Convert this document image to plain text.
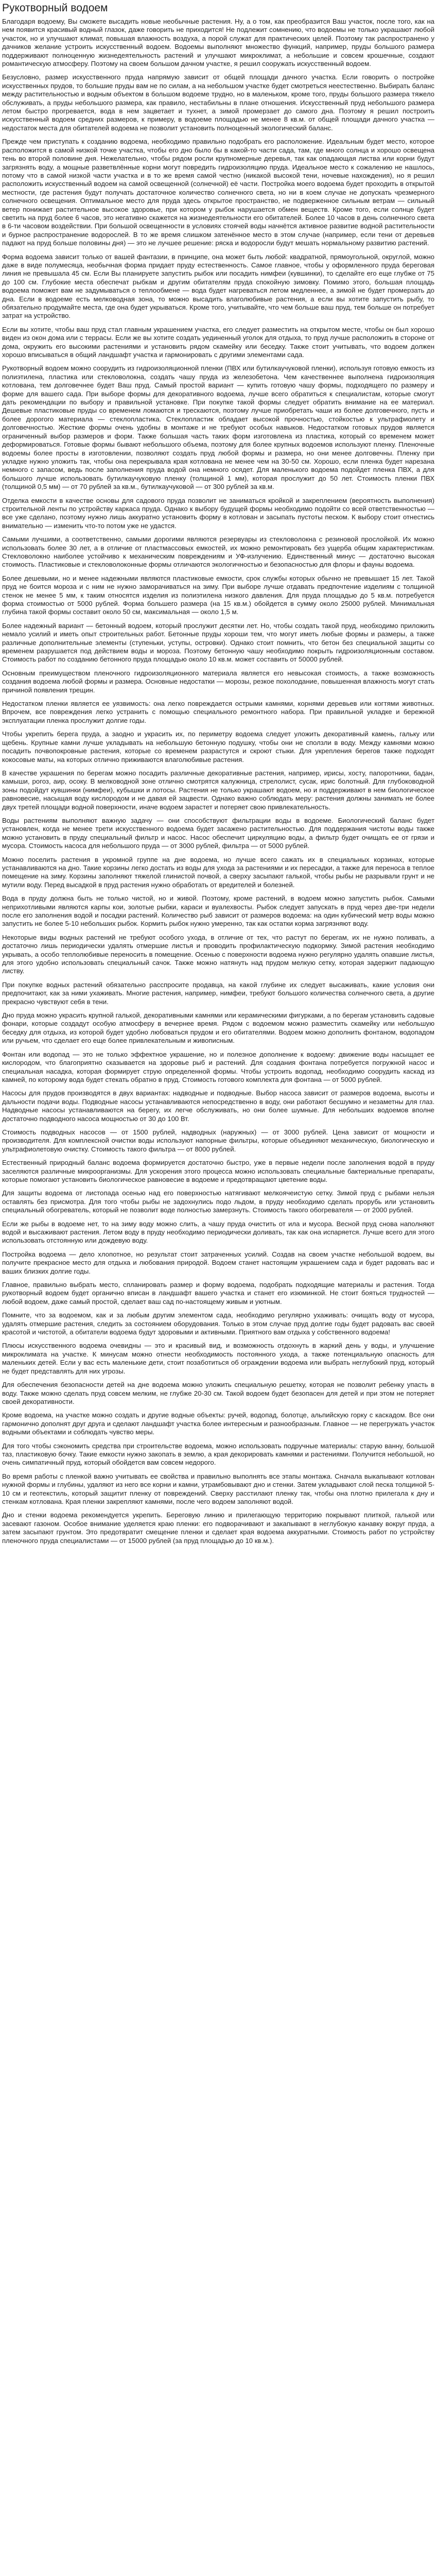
Рукотворный водоем

Благодаря водоему, Вы сможете высадить новые необычные растения. Ну, а о том, как преобразится Ваш участок, после того, как на нем появится красивый водный глазок, даже говорить не приходится! Не подлежит сомнению, что водоемы не только украшают любой участок, но и улучшают климат, повышая влажность воздуха, а порой служат для практических целей. Поэтому так распространено у дачников желание устроить искусственный водоем. Водоемы выполняют множество функций, например, пруды большого размера поддерживают полноценную жизнедеятельность растений и улучшают микроклимат, а небольшие и совсем крошечные, создают романтическую атмосферу. Поэтому на своем большом дачном участке, я решил сооружать искусственный водоем.

Безусловно, размер искусственного пруда напрямую зависит от общей площади дачного участка. Если говорить о постройке искусственных прудов, то большие пруды вам не по силам, а на небольшом участке будет смотреться неестественно. Выбирать баланс между растительностью и водным объектом в большом водоеме трудно, но в маленьком, кроме того, пруды большого размера тяжело обслуживать, а пруды небольшого размера, как правило, нестабильны в плане отношения. Искусственный пруд небольшого размера летом быстро прогревается, вода в нем зацветает и тухнет, а зимой промерзает до самого дна. Поэтому я решил построить искусственный водоем средних размеров, к примеру, в водоеме площадью не менее 8 кв.м. от общей площади дачного участка — недостаток места для обитателей водоема не позволит установить полноценный экологический баланс.

Прежде чем приступать к созданию водоема, необходимо правильно подобрать его расположение. Идеальным будет место, которое расположится в самой низкой точке участка, чтобы его дно было бы в какой-то части сада, там, где много солнца и хорошо освещена тень во второй половине дня. Нежелательно, чтобы рядом росли крупномерные деревья, так как опадающая листва или корни будут загрязнять воду, а мощные разветвлённые корни могут повредить гидроизоляцию пруда. Идеальное место к сожалению не нашлось, потому что в самой низкой части участка и в то же время самой честно (никакой высокой тени, ночевые нахождения), но я решил расположить искусственный водоем на самой освещенной (солнечной) её части. Постройка моего водоема будет проходить в открытой местности, где растения будут получать достаточное количество солнечного света, но ни в коем случае не допускать чрезмерного солнечного освещения. Оптимальное место для пруда здесь открытое пространство, не подверженное сильным ветрам — сильный ветер понижает растительное высокое здоровье, при котором у рыбок нарушается обмен веществ. Кроме того, если солнце будет светить на пруд более 6 часов, это негативно скажется на жизнедеятельности его обитателей. Более 10 часов в день солнечного света в 6-ти часовом воздействии. При большой освещенности в условиях стоячей воды начнётся активное развитие водной растительности и бурное распространение водорослей. В то же время слишком затенённое место в этом случае (например, если тени от деревьев падают на пруд больше половины дня) — это не лучшее решение: ряска и водоросли будут мешать нормальному развитию растений.

Форма водоема зависит только от вашей фантазии, в принципе, она может быть любой: квадратной, прямоугольной, округлой, можно даже в виде полумесяца, необычная форма придает пруду естественность. Самое главное, чтобы у оформленного пруда береговая линия не превышала 45 см. Если Вы планируете запустить рыбок или посадить нимфеи (кувшинки), то сделайте его еще глубже от 75 до 100 см. Глубокие места обеспечат рыбкам и другим обитателям пруда спокойную зимовку. Помимо этого, большая площадь водоема поможет вам не задумываться о теплообмене — вода будет нагреваться летом медленнее, а зимой не будет промерзать до дна. Если в водоеме есть мелководная зона, то можно высадить влаголюбивые растения, а если вы хотите запустить рыбу, то обязательно продумайте места, где она будет укрываться. Кроме того, учитывайте, что чем больше ваш пруд, тем больше он потребует затрат на устройство.

Если вы хотите, чтобы ваш пруд стал главным украшением участка, его следует разместить на открытом месте, чтобы он был хорошо виден из окон дома или с террасы. Если же вы хотите создать уединенный уголок для отдыха, то пруд лучше расположить в стороне от дома, окружить его высокими растениями и установить рядом скамейку или беседку. Также стоит учитывать, что водоем должен хорошо вписываться в общий ландшафт участка и гармонировать с другими элементами сада.

Рукотворный водоем можно соорудить из гидроизоляционной пленки (ПВХ или бутилкаучуковой пленки), используя готовую емкость из полиэтилена, пластика или стекловолокна, создать чашу пруда из железобетона. Чем качественнее выполнена гидроизоляция котлована, тем долговечнее будет Ваш пруд. Самый простой вариант — купить готовую чашу формы, подходящего по размеру и форме для вашего сада. При выборе формы для декоративного водоема, лучше всего обратиться к специалистам, которые смогут дать рекомендации по выбору и правильной установке. При покупке такой формы следует обратить внимание на ее материал. Дешевые пластиковые пруды со временем ломаются и трескаются, поэтому лучше приобретать чаши из более долговечного, пусть и более дорогого материала — стеклопластика. Стеклопластик обладает высокой прочностью, стойкостью к ультрафиолету и долговечностью. Жесткие формы очень удобны в монтаже и не требуют особых навыков. Недостатком готовых прудов является ограниченный выбор размеров и форм. Также большая часть таких форм изготовлена из пластика, который со временем может деформироваться. Готовые формы бывают небольшого объема, поэтому для более крупных водоемов используют пленку. Пленочные водоемы более просты в изготовлении, позволяют создать пруд любой формы и размера, но они менее долговечны. Пленку при укладке нужно уложить так, чтобы она перекрывала края котлована не менее чем на 30-50 см. Хорошо, если пленка будет нарезана немного с запасом, ведь после заполнения пруда водой она немного осядет. Для маленького водоема подойдет пленка ПВХ, а для большого лучше использовать бутилкаучуковую пленку (толщиной 1 мм), которая прослужит до 50 лет. Стоимость пленки ПВХ (толщиной 0,5 мм) — от 70 рублей за кв.м., бутилкаучуковой — от 300 рублей за кв.м.

Отделка емкости в качестве основы для садового пруда позволит не заниматься кройкой и закреплением (вероятность выполнения) строительной ленты по устройству каркаса пруда. Однако к выбору будущей формы необходимо подойти со всей ответственностью — все уже сделано, поэтому нужно лишь аккуратно установить форму в котлован и засыпать пустоты песком. К выбору стоит отнестись внимательно — изменить что-то потом уже не удастся.

Самыми лучшими, а соответственно, самыми дорогими являются резервуары из стекловолокна с резиновой прослойкой. Их можно использовать более 30 лет, а в отличие от пластмассовых емкостей, их можно ремонтировать без ущерба общим характеристикам. Стекловолокно наиболее устойчиво к механическим повреждениям и УФ-излучению. Единственный минус — достаточно высокая стоимость. Пластиковые и стекловолоконные формы отличаются экологичностью и безопасностью для флоры и фауны водоема.

Более дешевыми, но и менее надежными являются пластиковые емкости, срок службы которых обычно не превышает 15 лет. Такой пруд не боится мороза и с ним не нужно заморачиваться на зиму. При выборе лучше отдавать предпочтение изделиям с толщиной стенок не менее 5 мм, к таким относятся изделия из полиэтилена низкого давления. Для пруда площадью до 5 кв.м. потребуется форма стоимостью от 5000 рублей. Форма большего размера (на 15 кв.м.) обойдется в сумму около 25000 рублей. Минимальная глубина такой формы составит около 50 см, максимальная — около 1,5 м.

Более надежный вариант — бетонный водоем, который прослужит десятки лет. Но, чтобы создать такой пруд, необходимо приложить немало усилий и иметь опыт строительных работ. Бетонные пруды хороши тем, что могут иметь любые формы и размеры, а также различные дополнительные элементы (ступеньки, уступы, островки). Однако стоит помнить, что бетон без специальной защиты со временем разрушается под действием воды и мороза. Поэтому бетонную чашу необходимо покрыть гидроизоляционным составом. Стоимость работ по созданию бетонного пруда площадью около 10 кв.м. может составить от 50000 рублей.

Основным преимуществом пленочного гидроизоляционного материала является его невысокая стоимость, а также возможность создания водоема любой формы и размера. Основные недостатки — морозы, резкое похолодание, повышенная влажность могут стать причиной появления трещин.

Недостатком пленки является ее уязвимость: она легко повреждается острыми камнями, корнями деревьев или когтями животных. Впрочем, все повреждения легко устранить с помощью специального ремонтного набора. При правильной укладке и бережной эксплуатации пленка прослужит долгие годы.

Чтобы укрепить берега пруда, а заодно и украсить их, по периметру водоема следует уложить декоративный камень, гальку или щебень. Крупные камни лучше укладывать на небольшую бетонную подушку, чтобы они не сползли в воду. Между камнями можно посадить почвопокровные растения, которые со временем разрастутся и скроют стыки. Для укрепления берегов также подходят кокосовые маты, на которых отлично приживаются влаголюбивые растения.

В качестве украшения по берегам можно посадить различные декоративные растения, например, ирисы, хосту, папоротники, бадан, камыши, рогоз, аир, осоку. В мелководной зоне отлично смотрятся калужница, стрелолист, сусак, ирис болотный. Для глубоководной зоны подойдут кувшинки (нимфеи), кубышки и лотосы. Растения не только украшают водоем, но и поддерживают в нем биологическое равновесие, насыщая воду кислородом и не давая ей зацвести. Однако важно соблюдать меру: растения должны занимать не более двух третей площади водной поверхности, иначе водоем зарастет и потеряет свою привлекательность.

Воды растениям выполняют важную задачу — они способствуют фильтрации воды в водоеме. Биологический баланс будет установлен, когда не менее трети искусственного водоема будет засажено растительностью. Для поддержания чистоты воды также можно установить в пруду специальный фильтр и насос. Насос обеспечит циркуляцию воды, а фильтр будет очищать ее от грязи и мусора. Стоимость насоса для небольшого пруда — от 3000 рублей, фильтра — от 5000 рублей.

Можно поселить растения в укромной группе на дне водоема, но лучше всего сажать их в специальных корзинах, которые устанавливаются на дно. Такие корзины легко достать из воды для ухода за растениями и их пересадки, а также для переноса в теплое помещение на зиму. Корзины заполняют тяжелой глинистой почвой, а сверху засыпают галькой, чтобы рыбы не разрывали грунт и не мутили воду. Перед высадкой в пруд растения нужно обработать от вредителей и болезней.

Вода в пруду должна быть не только чистой, но и живой. Поэтому, кроме растений, в водоем можно запустить рыбок. Самыми неприхотливыми являются карпы кои, золотые рыбки, караси и вуалехвосты. Рыбок следует запускать в пруд через две-три недели после его заполнения водой и посадки растений. Количество рыб зависит от размеров водоема: на один кубический метр воды можно запустить не более 5-10 небольших рыбок. Кормить рыбок нужно умеренно, так как остатки корма загрязняют воду.

Некоторые виды водных растений не требуют особого ухода, в отличие от тех, что растут по берегам, их не нужно поливать, а достаточно лишь периодически удалять отмершие листья и проводить профилактическую подкормку. Зимой растения необходимо укрывать, а особо теплолюбивые переносить в помещение. Осенью с поверхности водоема нужно регулярно удалять опавшие листья, для этого удобно использовать специальный сачок. Также можно натянуть над прудом мелкую сетку, которая задержит падающую листву.

При покупке водных растений обязательно расспросите продавца, на какой глубине их следует высаживать, какие условия они предпочитают, как за ними ухаживать. Многие растения, например, нимфеи, требуют большого количества солнечного света, а другие прекрасно чувствуют себя в тени.

Дно пруда можно украсить крупной галькой, декоративными камнями или керамическими фигурками, а по берегам установить садовые фонари, которые создадут особую атмосферу в вечернее время. Рядом с водоемом можно разместить скамейку или небольшую беседку для отдыха, из которой будет удобно любоваться прудом и его обитателями. Водоем можно дополнить фонтаном, водопадом или ручьем, что сделает его еще более привлекательным и живописным.

Фонтан или водопад — это не только эффектное украшение, но и полезное дополнение к водоему: движение воды насыщает ее кислородом, что благоприятно сказывается на здоровье рыб и растений. Для создания фонтана потребуется погружной насос и специальная насадка, которая формирует струю определенной формы. Чтобы устроить водопад, необходимо соорудить каскад из камней, по которому вода будет стекать обратно в пруд. Стоимость готового комплекта для фонтана — от 5000 рублей.

Насосы для прудов производятся в двух вариантах: надводные и подводные. Выбор насоса зависит от размеров водоема, высоты и дальности подачи воды. Подводные насосы устанавливаются непосредственно в воду, они работают бесшумно и незаметны для глаз. Надводные насосы устанавливаются на берегу, их легче обслуживать, но они более шумные. Для небольших водоемов вполне достаточно подводного насоса мощностью от 30 до 100 Вт.

Стоимость подводных насосов — от 1500 рублей, надводных (наружных) — от 3000 рублей. Цена зависит от мощности и производителя. Для комплексной очистки воды используют напорные фильтры, которые объединяют механическую, биологическую и ультрафиолетовую очистку. Стоимость такого фильтра — от 8000 рублей.

Естественный природный баланс водоема формируется достаточно быстро, уже в первые недели после заполнения водой в пруду заселяются различные микроорганизмы. Для ускорения этого процесса можно использовать специальные бактериальные препараты, которые помогают установить биологическое равновесие в водоеме и предотвращают цветение воды.

Для защиты водоема от листопада осенью над его поверхностью натягивают мелкоячеистую сетку. Зимой пруд с рыбами нельзя оставлять без присмотра. Для того чтобы рыбы не задохнулись подо льдом, в пруду необходимо сделать прорубь или установить специальный обогреватель, который не позволит воде полностью замерзнуть. Стоимость такого обогревателя — от 2000 рублей.

Если же рыбы в водоеме нет, то на зиму воду можно слить, а чашу пруда очистить от ила и мусора. Весной пруд снова наполняют водой и высаживают растения. Летом воду в пруду необходимо периодически доливать, так как она испаряется. Лучше всего для этого использовать отстоянную или дождевую воду.

Постройка водоема — дело хлопотное, но результат стоит затраченных усилий. Создав на своем участке небольшой водоем, вы получите прекрасное место для отдыха и любования природой. Водоем станет настоящим украшением сада и будет радовать вас и ваших близких долгие годы.

Главное, правильно выбрать место, спланировать размер и форму водоема, подобрать подходящие материалы и растения. Тогда рукотворный водоем будет органично вписан в ландшафт вашего участка и станет его изюминкой. Не стоит бояться трудностей — любой водоем, даже самый простой, сделает ваш сад по-настоящему живым и уютным.

Помните, что за водоемом, как и за любым другим элементом сада, необходимо регулярно ухаживать: очищать воду от мусора, удалять отмершие растения, следить за состоянием оборудования. Только в этом случае пруд долгие годы будет радовать вас своей красотой и чистотой, а обитатели водоема будут здоровыми и активными. Приятного вам отдыха у собственного водоема!

Плюсы искусственного водоема очевидны — это и красивый вид, и возможность отдохнуть в жаркий день у воды, и улучшение микроклимата на участке. К минусам можно отнести необходимость постоянного ухода, а также потенциальную опасность для маленьких детей. Если у вас есть маленькие дети, стоит позаботиться об ограждении водоема или выбрать неглубокий пруд, который не будет представлять для них угрозы.

Для обеспечения безопасности детей на дне водоема можно уложить специальную решетку, которая не позволит ребенку упасть в воду. Также можно сделать пруд совсем мелким, не глубже 20-30 см. Такой водоем будет безопасен для детей и при этом не потеряет своей декоративности.

Кроме водоема, на участке можно создать и другие водные объекты: ручей, водопад, болотце, альпийскую горку с каскадом. Все они гармонично дополнят друг друга и сделают ландшафт участка более интересным и разнообразным. Главное — не перегружать участок водными объектами и соблюдать чувство меры.

Для того чтобы сэкономить средства при строительстве водоема, можно использовать подручные материалы: старую ванну, большой таз, пластиковую бочку. Такие емкости нужно закопать в землю, а края декорировать камнями и растениями. Получится небольшой, но очень симпатичный пруд, который обойдется вам совсем недорого.

Во время работы с пленкой важно учитывать ее свойства и правильно выполнять все этапы монтажа. Сначала выкапывают котлован нужной формы и глубины, удаляют из него все корни и камни, утрамбовывают дно и стенки. Затем укладывают слой песка толщиной 5-10 см и геотекстиль, который защитит пленку от повреждений. Сверху расстилают пленку так, чтобы она плотно прилегала к дну и стенкам котлована. Края пленки закрепляют камнями, после чего водоем заполняют водой.

Дно и стенки водоема рекомендуется укрепить. Береговую линию и прилегающую территорию покрывают плиткой, галькой или засевают газоном. Особое внимание уделяется краю пленки: его подворачивают и закапывают в неглубокую канавку вокруг пруда, а затем засыпают грунтом. Это предотвратит смещение пленки и сделает края водоема аккуратными. Стоимость работ по устройству пленочного пруда специалистами — от 15000 рублей (за пруд площадью до 10 кв.м.).
